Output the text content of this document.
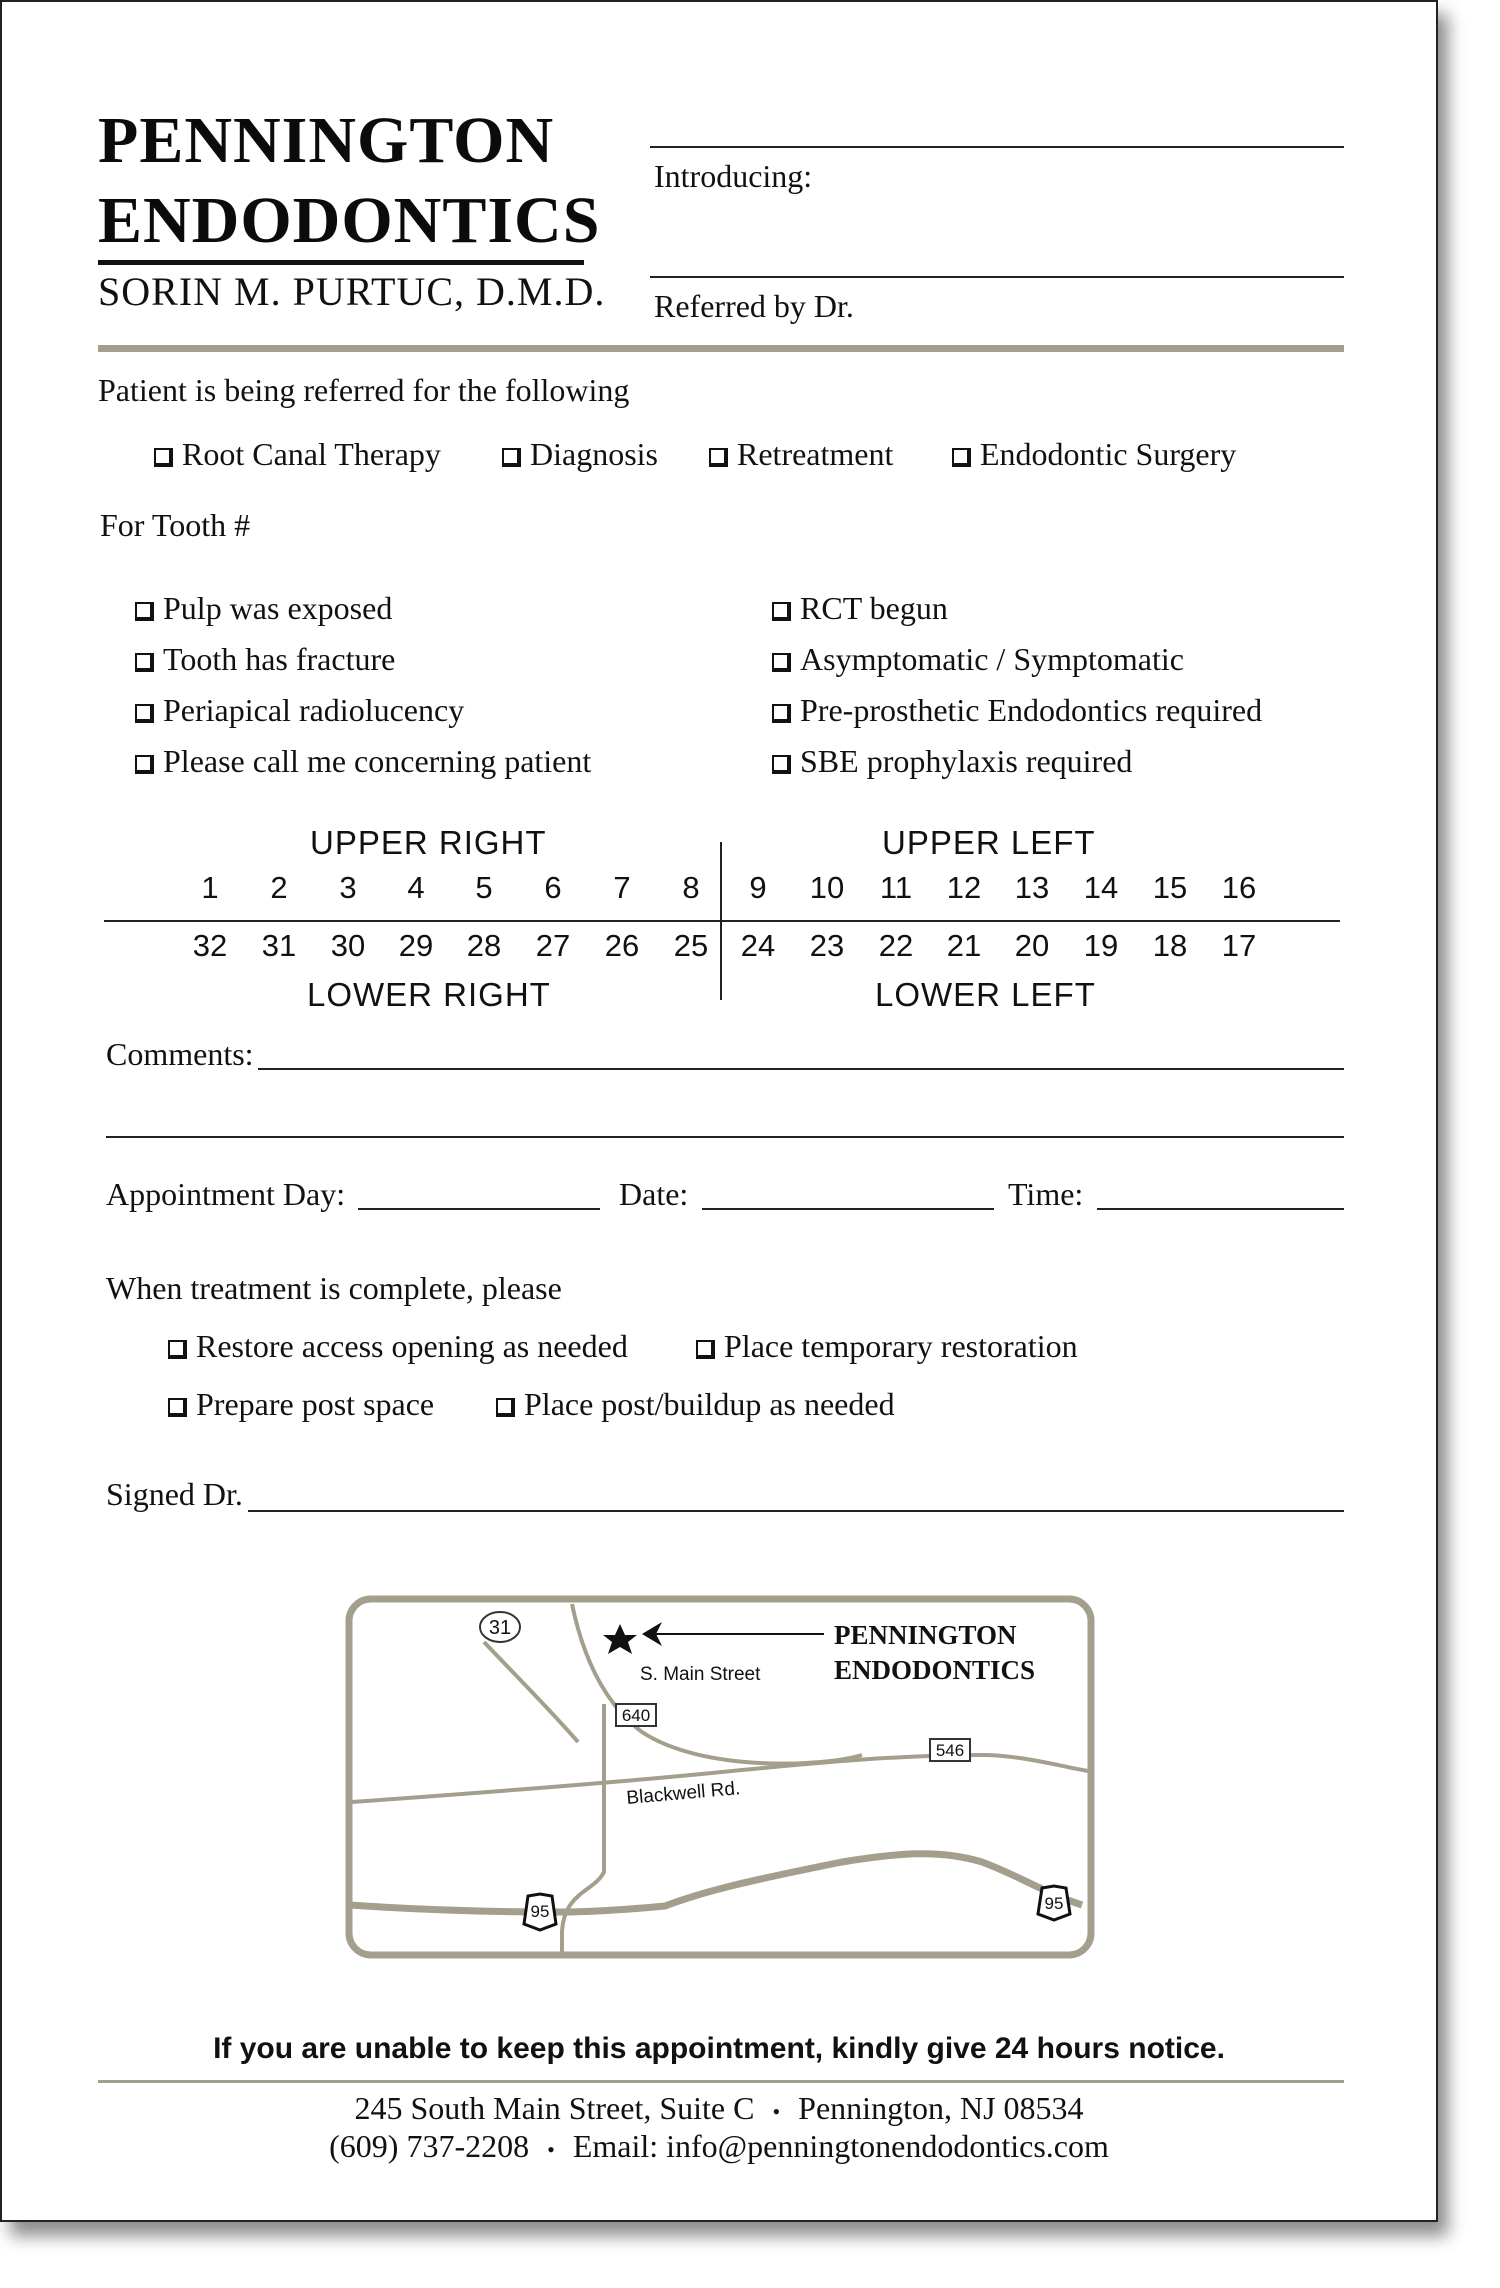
PENNINGTON
ENDODONTICS
SORIN M. PURTUC, D.M.D.
Introducing:
Referred by Dr.
Patient is being referred for the following
Root Canal Therapy	Diagnosis	Retreatment	Endodontic Surgery
For Tooth #
Pulp was exposed
Tooth has fracture
Periapical radiolucency
Please call me concerning patient
RCT begun
Asymptomatic / Symptomatic
Pre-prosthetic Endodontics required
SBE prophylaxis required
UPPER RIGHT	UPPER LEFT
LOWER RIGHT	LOWER LEFT
Comments:
Appointment Day:	Date:	Time:
When treatment is complete, please
Restore access opening as needed	Place temporary restoration
Prepare post space	Place post/buildup as needed
Signed Dr.
31
640
546
95	95
S. Main Street
Blackwell Rd.
PENNINGTON
ENDODONTICS
If you are unable to keep this appointment, kindly give 24 hours notice.
245 South Main Street, Suite C • Pennington, NJ 08534
(609) 737-2208 • Email: info@penningtonendodontics.com
1	2	3	4	5	6	7	8	9	10	11	12	13	14	15	16
32	31	30	29	28	27	26	25	24	23	22	21	20	19	18	17
